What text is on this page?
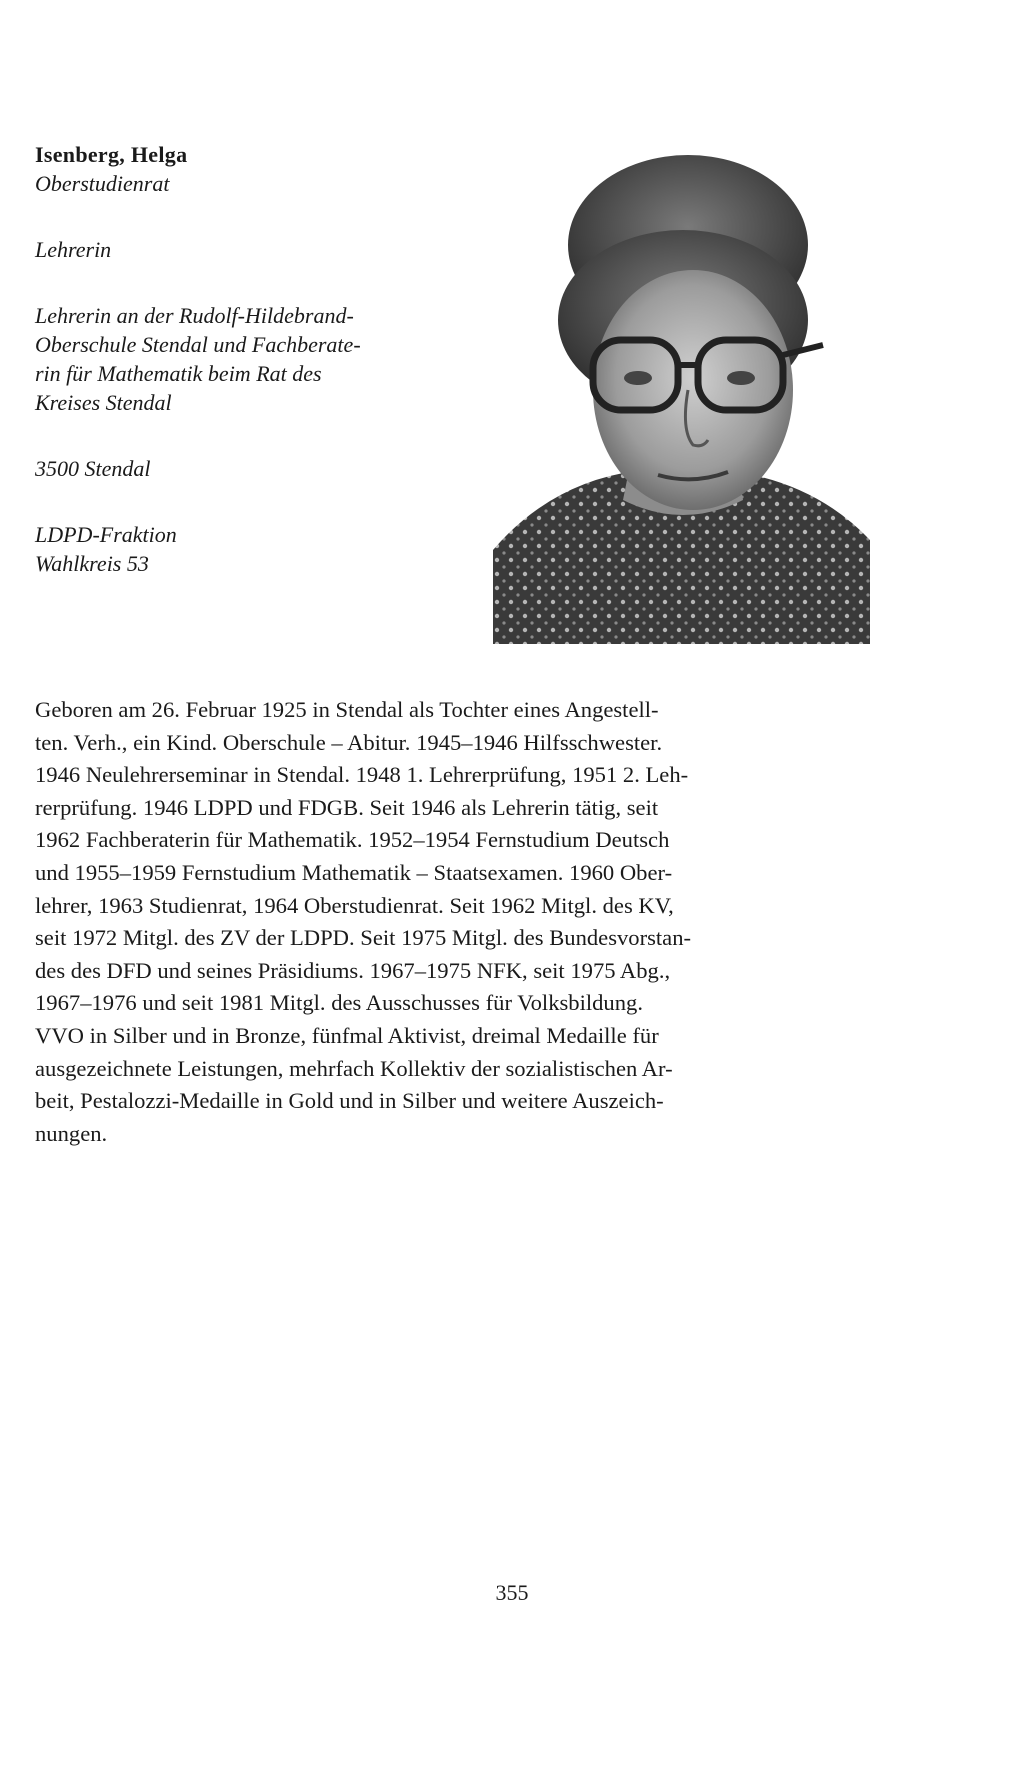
Isenberg, Helga
Oberstudienrat
Lehrerin
Lehrerin an der Rudolf-Hildebrand-
Oberschule Stendal und Fachberate-
rin für Mathematik beim Rat des
Kreises Stendal
3500 Stendal
LDPD-Fraktion
Wahlkreis 53
Geboren am 26. Februar 1925 in Stendal als Tochter eines Angestell-
ten. Verh., ein Kind. Oberschule – Abitur. 1945–1946 Hilfsschwester.
1946 Neulehrerseminar in Stendal. 1948 1. Lehrerprüfung, 1951 2. Leh-
rerprüfung. 1946 LDPD und FDGB. Seit 1946 als Lehrerin tätig, seit
1962 Fachberaterin für Mathematik. 1952–1954 Fernstudium Deutsch
und 1955–1959 Fernstudium Mathematik – Staatsexamen. 1960 Ober-
lehrer, 1963 Studienrat, 1964 Oberstudienrat. Seit 1962 Mitgl. des KV,
seit 1972 Mitgl. des ZV der LDPD. Seit 1975 Mitgl. des Bundesvorstan-
des des DFD und seines Präsidiums. 1967–1975 NFK, seit 1975 Abg.,
1967–1976 und seit 1981 Mitgl. des Ausschusses für Volksbildung.
VVO in Silber und in Bronze, fünfmal Aktivist, dreimal Medaille für
ausgezeichnete Leistungen, mehrfach Kollektiv der sozialistischen Ar-
beit, Pestalozzi-Medaille in Gold und in Silber und weitere Auszeich-
nungen.
355
